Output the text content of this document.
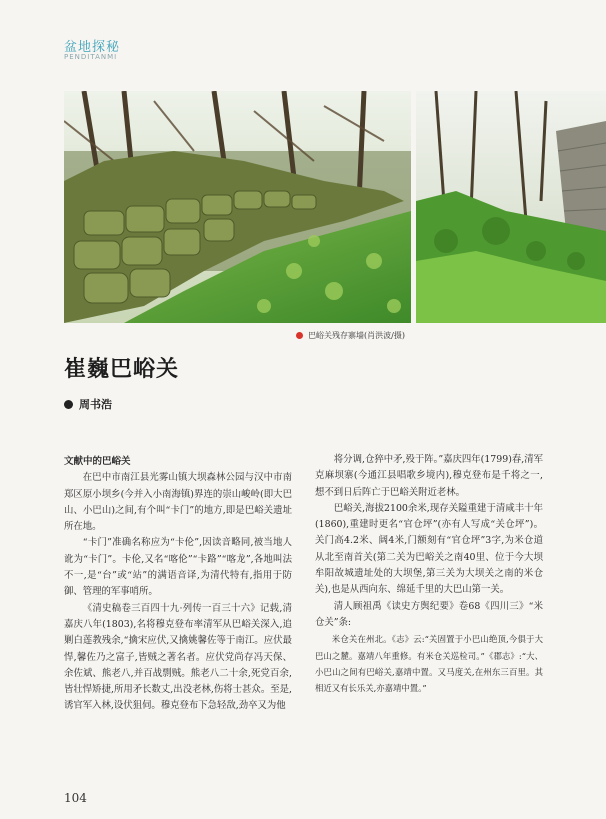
盆地探秘
PENDITANMI
巴峪关残存寨墙(肖洪波/摄)
崔巍巴峪关
周书浩

文献中的巴峪关

在巴中市南江县光雾山镇大坝森林公园与汉中市南郑区原小坝乡(今并入小南海镇)界连的崇山峻岭(即大巴山、小巴山)之间,有个叫“卡门”的地方,即是巴峪关遗址所在地。

“卡门”准确名称应为“卡伦”,因读音略同,被当地人讹为“卡门”。卡伦,又名“喀伦”“卡路”“喀龙”,各地叫法不一,是“台”或“站”的满语音译,为清代特有,指用于防御、管理的军事哨所。

《清史稿卷三百四十九·列传一百三十六》记载,清嘉庆八年(1803),名将穆克登布率清军从巴峪关深入,追剿白莲教残余,“擒宋应伏,又擒姚馨佐等于南江。应伏最悍,馨佐乃之富子,皆贼之著名者。应伏党尚存冯天保、余佐斌、熊老八,并百战剽贼。熊老八二十余,死党百余,皆壮悍矫捷,所用矛长数丈,出没老林,伤将士甚众。至是,诱官军入林,设伏狙伺。穆克登布下急轻敌,劲卒又为他

将分调,仓猝中矛,殁于阵。”嘉庆四年(1799)春,清军克麻坝寨(今通江县唱歌乡境内),穆克登布是千将之一,想不到日后阵亡于巴峪关附近老林。

巴峪关,海拔2100余米,现存关隘重建于清咸丰十年(1860),重建时更名“官仓坪”(亦有人写成“关仓坪”)。关门高4.2米、阔4米,门额刻有“官仓坪”3字,为米仓道从北至南首关(第二关为巴峪关之南40里、位于今大坝牟阳故城遗址处的大坝堡,第三关为大坝关之南的米仓关),也是从西向东、绵延千里的大巴山第一关。

清人顾祖禹《读史方舆纪要》卷68《四川三》“米仓关”条:

米仓关在州北。《志》云:“关固置于小巴山绝顶,今俱于大巴山之麓。嘉靖八年重修。有米仓关巡检司。”《郡志》:“大、小巴山之间有巴峪关,嘉靖中置。又马度关,在州东三百里。其相近又有长乐关,亦嘉靖中置。”

104
